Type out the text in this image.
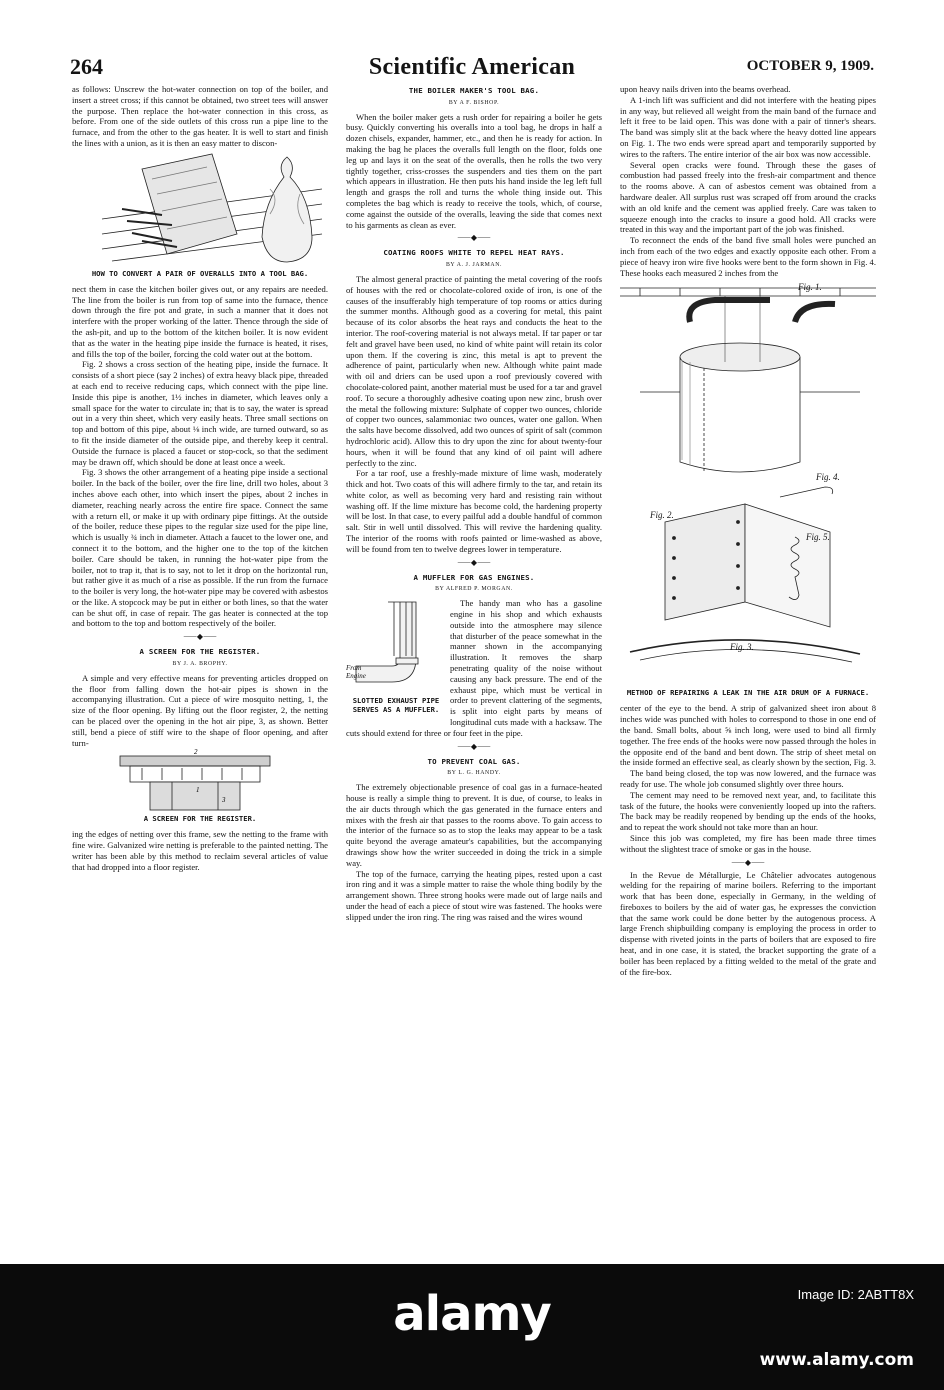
264	Scientific American	OCTOBER 9, 1909.

as follows: Unscrew the hot-water connection on top of the boiler, and insert a street cross; if this cannot be obtained, two street tees will answer the purpose. Then replace the hot-water connection in this cross, as before. From one of the side outlets of this cross run a pipe line to the furnace, and from the other to the gas heater. It is well to start and finish the lines with a union, as it is then an easy matter to discon-

HOW TO CONVERT A PAIR OF OVERALLS INTO A TOOL BAG.

nect them in case the kitchen boiler gives out, or any repairs are needed. The line from the boiler is run from top of same into the furnace, thence down through the fire pot and grate, in such a manner that it does not interfere with the proper working of the latter. Thence through the side of the ash-pit, and up to the bottom of the kitchen boiler. It is now evident that as the water in the heating pipe inside the furnace is heated, it rises, and fills the top of the boiler, forcing the cold water out at the bottom.

Fig. 2 shows a cross section of the heating pipe, inside the furnace. It consists of a short piece (say 2 inches) of extra heavy black pipe, threaded at each end to receive reducing caps, which connect with the pipe line. Inside this pipe is another, 1½ inches in diameter, which leaves only a small space for the water to circulate in; that is to say, the water is spread out in a very thin sheet, which very easily heats. Three small sections on top and bottom of this pipe, about ⅛ inch wide, are turned outward, so as to fit the inside diameter of the outside pipe, and thereby keep it central. Outside the furnace is placed a faucet or stop-cock, so that the sediment may be drawn off, which should be done at least once a week.

Fig. 3 shows the other arrangement of a heating pipe inside a sectional boiler. In the back of the boiler, over the fire line, drill two holes, about 3 inches above each other, into which insert the pipes, about 2 inches in diameter, reaching nearly across the entire fire space. Connect the same with a return ell, or make it up with ordinary pipe fittings. At the outside of the boiler, reduce these pipes to the regular size used for the pipe line, which is usually ¾ inch in diameter. Attach a faucet to the lower one, and connect it to the bottom, and the higher one to the top of the kitchen boiler. Care should be taken, in running the hot-water pipe from the boiler, not to trap it, that is to say, not to let it drop on the horizontal run, but rather give it as much of a rise as possible. If the run from the furnace to the boiler is very long, the hot-water pipe may be covered with asbestos or the like. A stopcock may be put in either or both lines, so that the water can be shut off, in case of repair. The gas heater is connected at the top and bottom to the top and bottom respectively of the boiler.

⸺◆⸺
A SCREEN FOR THE REGISTER.
BY J. A. BROPHY.

A simple and very effective means for preventing articles dropped on the floor from falling down the hot-air pipes is shown in the accompanying illustration. Cut a piece of wire mosquito netting, 1, the size of the floor opening. By lifting out the floor register, 2, the netting can be placed over the opening in the hot air pipe, 3, as shown. Better still, bend a piece of stiff wire to the shape of floor opening, and after turn-

2
1
3
A SCREEN FOR THE REGISTER.

ing the edges of netting over this frame, sew the netting to the frame with fine wire. Galvanized wire netting is preferable to the painted netting. The writer has been able by this method to reclaim several articles of value that had dropped into a floor register.

THE BOILER MAKER'S TOOL BAG.
BY A F. BISHOP.

When the boiler maker gets a rush order for repairing a boiler he gets busy. Quickly converting his overalls into a tool bag, he drops in half a dozen chisels, expander, hammer, etc., and then he is ready for action. In making the bag he places the overalls full length on the floor, folds one leg up and lays it on the seat of the overalls, then he rolls the two very tightly together, criss-crosses the suspenders and ties them on the part which appears in illustration. He then puts his hand inside the leg left full length and grasps the roll and turns the whole thing inside out. This completes the bag which is ready to receive the tools, which, of course, come against the outside of the overalls, leaving the side that comes next to his garments as clean as ever.

⸺◆⸺
COATING ROOFS WHITE TO REPEL HEAT RAYS.
BY A. J. JARMAN.

The almost general practice of painting the metal covering of the roofs of houses with the red or chocolate-colored oxide of iron, is one of the causes of the insufferably high temperature of top rooms or attics during the summer months. Although good as a covering for metal, this paint because of its color absorbs the heat rays and conducts the heat to the interior. The roof-covering material is not always metal. If tar paper or tar felt and gravel have been used, no kind of white paint will retain its color upon them. If the covering is zinc, this metal is apt to prevent the adherence of paint, particularly when new. Although white paint made with oil and driers can be used upon a roof previously covered with chocolate-colored paint, another material must be used for a tar and gravel roof. To secure a thoroughly adhesive coating upon new zinc, brush over the metal the following mixture: Sulphate of copper two ounces, chloride of copper two ounces, salammoniac two ounces, water one gallon. When the salts have become dissolved, add two ounces of spirit of salt (common hydrochloric acid). Allow this to dry upon the zinc for about twenty-four hours, when it will be found that any kind of oil paint will adhere perfectly to the zinc.

For a tar roof, use a freshly-made mixture of lime wash, moderately thick and hot. Two coats of this will adhere firmly to the tar, and retain its white color, as well as becoming very hard and resisting rain without washing off. If the lime mixture has become cold, the hardening property will be lost. In that case, to every pailful add a double handful of common salt. Stir in well until dissolved. This will revive the hardening quality. The interior of the rooms with roofs painted or lime-washed as above, will be found from ten to twelve degrees lower in temperature.

⸺◆⸺
A MUFFLER FOR GAS ENGINES.
BY ALFRED P. MORGAN.
From Engine
SLOTTED EXHAUST PIPE SERVES AS A MUFFLER.

The handy man who has a gasoline engine in his shop and which exhausts outside into the atmosphere may silence that disturber of the peace somewhat in the manner shown in the accompanying illustration. It removes the sharp penetrating quality of the noise without causing any back pressure. The end of the exhaust pipe, which must be vertical in order to prevent clattering of the segments, is split into eight parts by means of longitudinal cuts made with a hacksaw. The cuts should extend for three or four feet in the pipe.

⸺◆⸺
TO PREVENT COAL GAS.
BY L. G. HANDY.

The extremely objectionable presence of coal gas in a furnace-heated house is really a simple thing to prevent. It is due, of course, to leaks in the air ducts through which the gas generated in the furnace enters and mixes with the fresh air that passes to the rooms above. To gain access to the interior of the furnace so as to stop the leaks may appear to be a task quite beyond the average amateur's capabilities, but the accompanying drawings show how the writer succeeded in doing the trick in a simple way.

The top of the furnace, carrying the heating pipes, rested upon a cast iron ring and it was a simple matter to raise the whole thing bodily by the arrangement shown. Three strong hooks were made out of large nails and under the head of each a piece of stout wire was fastened. The hooks were slipped under the iron ring. The ring was raised and the wires wound

upon heavy nails driven into the beams overhead.

A 1-inch lift was sufficient and did not interfere with the heating pipes in any way, but relieved all weight from the main band of the furnace and left it free to be laid open. This was done with a pair of tinner's shears. The band was simply slit at the back where the heavy dotted line appears on Fig. 1. The two ends were spread apart and temporarily supported by wires to the rafters. The entire interior of the air box was now accessible.

Several open cracks were found. Through these the gases of combustion had passed freely into the fresh-air compartment and thence to the rooms above. A can of asbestos cement was obtained from a hardware dealer. All surplus rust was scraped off from around the cracks with an old knife and the cement was applied freely. Care was taken to squeeze enough into the cracks to insure a good hold. All cracks were treated in this way and the important part of the job was finished.

To reconnect the ends of the band five small holes were punched an inch from each of the two edges and exactly opposite each other. From a piece of heavy iron wire five hooks were bent to the form shown in Fig. 4. These hooks each measured 2 inches from the

Fig. 1.
Fig. 2.
Fig. 3.
Fig. 4.
Fig. 5.
METHOD OF REPAIRING A LEAK IN THE AIR DRUM OF A FURNACE.

center of the eye to the bend. A strip of galvanized sheet iron about 8 inches wide was punched with holes to correspond to those in one end of the band. Small bolts, about ⅝ inch long, were used to bind all firmly together. The free ends of the hooks were now passed through the holes in the opposite end of the band and bent down. The strip of sheet metal on the inside formed an effective seal, as clearly shown by the section, Fig. 3.

The band being closed, the top was now lowered, and the furnace was ready for use. The whole job consumed slightly over three hours.

The cement may need to be removed next year, and, to facilitate this task of the future, the hooks were conveniently looped up into the rafters. The back may be readily reopened by bending up the ends of the hooks, and to repeat the work should not take more than an hour.

Since this job was completed, my fire has been made three times without the slightest trace of smoke or gas in the house.

⸺◆⸺

In the Revue de Métallurgie, Le Châtelier advocates autogenous welding for the repairing of marine boilers. Referring to the important work that has been done, especially in Germany, in the welding of fireboxes to boilers by the aid of water gas, he expresses the conviction that the same work could be done better by the autogenous process. A large French shipbuilding company is employing the process in order to dispense with riveted joints in the parts of boilers that are exposed to fire heat, and in one case, it is stated, the bracket supporting the grate of a boiler has been replaced by a fitting welded to the metal of the grate and of the fire-box.

alamy	Image ID: 2ABTT8X
www.alamy.com
